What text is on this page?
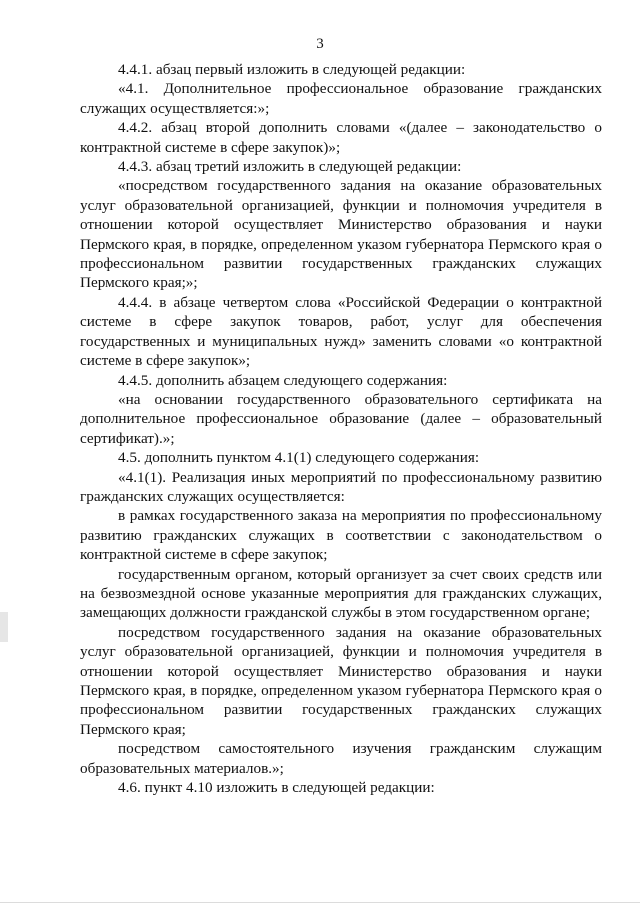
3

4.4.1. абзац первый изложить в следующей редакции:

«4.1. Дополнительное профессиональное образование гражданских служащих осуществляется:»;

4.4.2. абзац второй дополнить словами «(далее – законодательство о контрактной системе в сфере закупок)»;

4.4.3. абзац третий изложить в следующей редакции:

«посредством государственного задания на оказание образовательных услуг образовательной организацией, функции и полномочия учредителя в отношении которой осуществляет Министерство образования и науки Пермского края, в порядке, определенном указом губернатора Пермского края о профессиональном развитии государственных гражданских служащих Пермского края;»;

4.4.4. в абзаце четвертом слова «Российской Федерации о контрактной системе в сфере закупок товаров, работ, услуг для обеспечения государственных и муниципальных нужд» заменить словами «о контрактной системе в сфере закупок»;

4.4.5. дополнить абзацем следующего содержания:

«на основании государственного образовательного сертификата на дополнительное профессиональное образование (далее – образовательный сертификат).»;

4.5. дополнить пунктом 4.1(1) следующего содержания:

«4.1(1). Реализация иных мероприятий по профессиональному развитию гражданских служащих осуществляется:

в рамках государственного заказа на мероприятия по профессиональному развитию гражданских служащих в соответствии с законодательством о контрактной системе в сфере закупок;

государственным органом, который организует за счет своих средств или на безвозмездной основе указанные мероприятия для гражданских служащих, замещающих должности гражданской службы в этом государственном органе;

посредством государственного задания на оказание образовательных услуг образовательной организацией, функции и полномочия учредителя в отношении которой осуществляет Министерство образования и науки Пермского края, в порядке, определенном указом губернатора Пермского края о профессиональном развитии государственных гражданских служащих Пермского края;

посредством самостоятельного изучения гражданским служащим образовательных материалов.»;

4.6. пункт 4.10 изложить в следующей редакции:
